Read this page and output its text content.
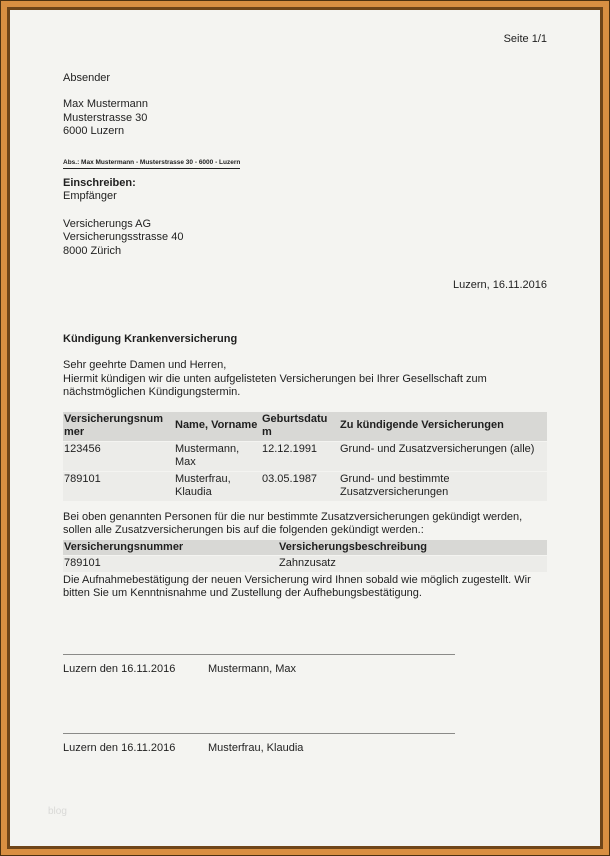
Seite 1/1
Absender
Max Mustermann
Musterstrasse 30
6000 Luzern
Abs.: Max Mustermann - Musterstrasse 30 - 6000 - Luzern
Einschreiben:
Empfänger
Versicherungs AG
Versicherungsstrasse 40
8000 Zürich
Luzern, 16.11.2016
Kündigung Krankenversicherung
Sehr geehrte Damen und Herren,
Hiermit kündigen wir die unten aufgelisteten Versicherungen bei Ihrer Gesellschaft zum nächstmöglichen Kündigungstermin.
Versicherungsnummer	Name, Vorname	Geburtsdatum	Zu kündigende Versicherungen
123456	Mustermann, Max	12.12.1991	Grund- und Zusatzversicherungen (alle)
789101	Musterfrau, Klaudia	03.05.1987	Grund- und bestimmte Zusatzversicherungen
Bei oben genannten Personen für die nur bestimmte Zusatzversicherungen gekündigt werden, sollen alle Zusatzversicherungen bis auf die folgenden gekündigt werden.:
Versicherungsnummer	Versicherungsbeschreibung
789101	Zahnzusatz
Die Aufnahmebestätigung der neuen Versicherung wird Ihnen sobald wie möglich zugestellt. Wir bitten Sie um Kenntnisnahme und Zustellung der Aufhebungsbestätigung.
Luzern den 16.11.2016	Mustermann, Max
Luzern den 16.11.2016	Musterfrau, Klaudia
blog
